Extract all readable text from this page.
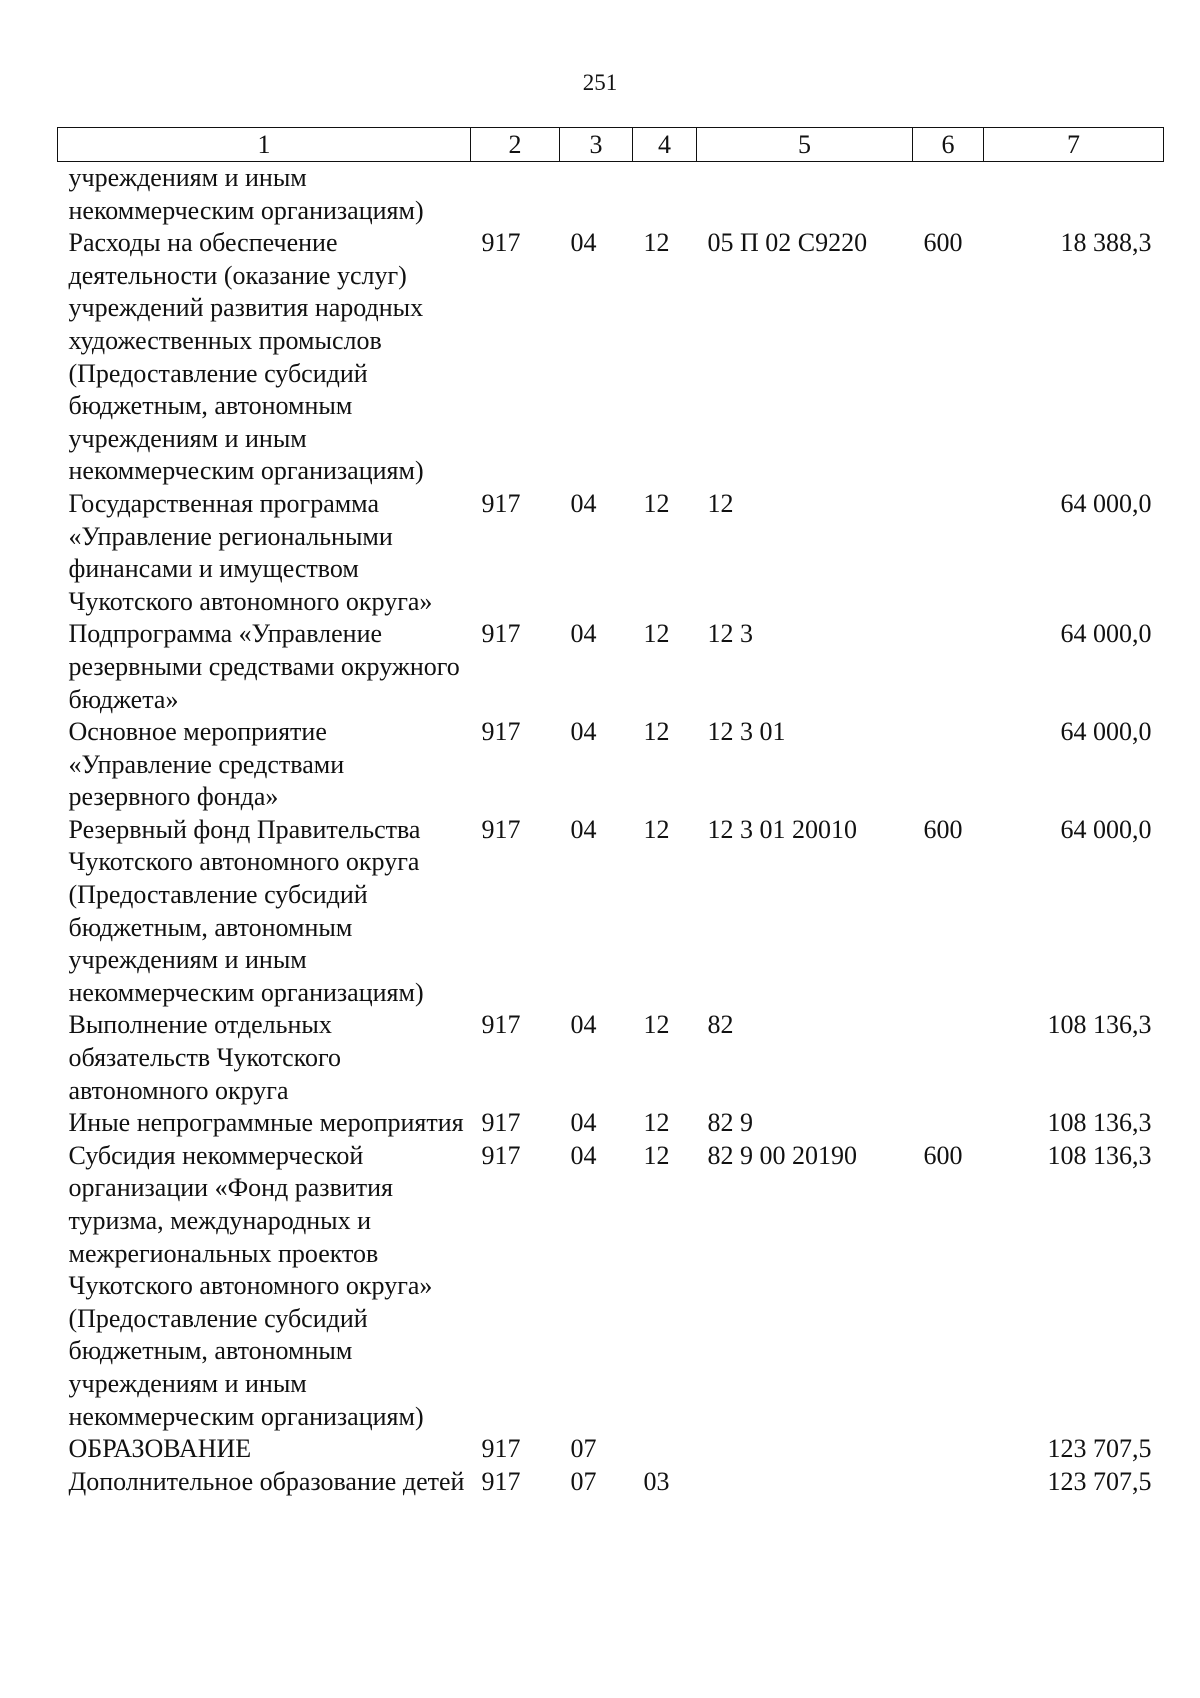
251
1	2	3	4	5	6	7
учреждениям и иным некоммерческим организациям)						
Расходы на обеспечение деятельности (оказание услуг) учреждений развития народных художественных промыслов (Предоставление субсидий бюджетным, автономным учреждениям и иным некоммерческим организациям)	917	04	12	05 П 02 С9220	600	18 388,3
Государственная программа «Управление региональными финансами и имуществом Чукотского автономного округа»	917	04	12	12		64 000,0
Подпрограмма «Управление резервными средствами окружного бюджета»	917	04	12	12 3		64 000,0
Основное мероприятие «Управление средствами резервного фонда»	917	04	12	12 3 01		64 000,0
Резервный фонд Правительства Чукотского автономного округа (Предоставление субсидий бюджетным, автономным учреждениям и иным некоммерческим организациям)	917	04	12	12 3 01 20010	600	64 000,0
Выполнение отдельных обязательств Чукотского автономного округа	917	04	12	82		108 136,3
Иные непрограммные мероприятия	917	04	12	82 9		108 136,3
Субсидия некоммерческой организации «Фонд развития туризма, международных и межрегиональных проектов Чукотского автономного округа» (Предоставление субсидий бюджетным, автономным учреждениям и иным некоммерческим организациям)	917	04	12	82 9 00 20190	600	108 136,3
ОБРАЗОВАНИЕ	917	07				123 707,5
Дополнительное образование детей	917	07	03			123 707,5
